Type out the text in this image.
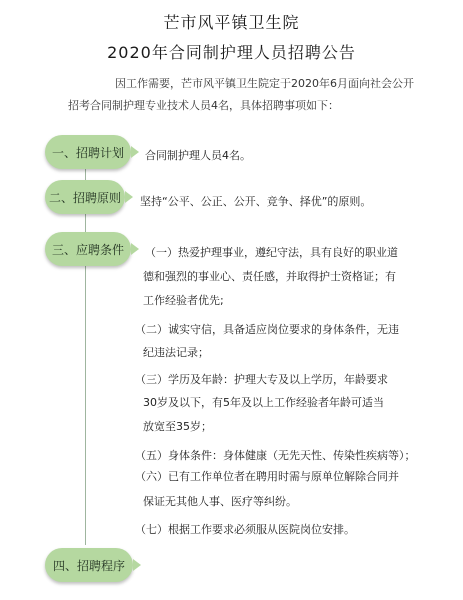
芒市风平镇卫生院
2020年合同制护理人员招聘公告
因工作需要，芒市风平镇卫生院定于2020年6月面向社会公开
招考合同制护理专业技术人员4名，具体招聘事项如下：
一、招聘计划	合同制护理人员4名。
二、招聘原则	坚持“公平、公正、公开、竞争、择优”的原则。
三、应聘条件	（一）热爱护理事业，遵纪守法，具有良好的职业道
德和强烈的事业心、责任感，并取得护士资格证；有
工作经验者优先;
（二）诚实守信，具备适应岗位要求的身体条件，无违
纪违法记录；
（三）学历及年龄：护理大专及以上学历，年龄要求
30岁及以下，有5年及以上工作经验者年龄可适当
放宽至35岁；
（五）身体条件：身体健康（无先天性、传染性疾病等）；
（六）已有工作单位者在聘用时需与原单位解除合同并
保证无其他人事、医疗等纠纷。
（七）根据工作要求必须服从医院岗位安排。
四、招聘程序
